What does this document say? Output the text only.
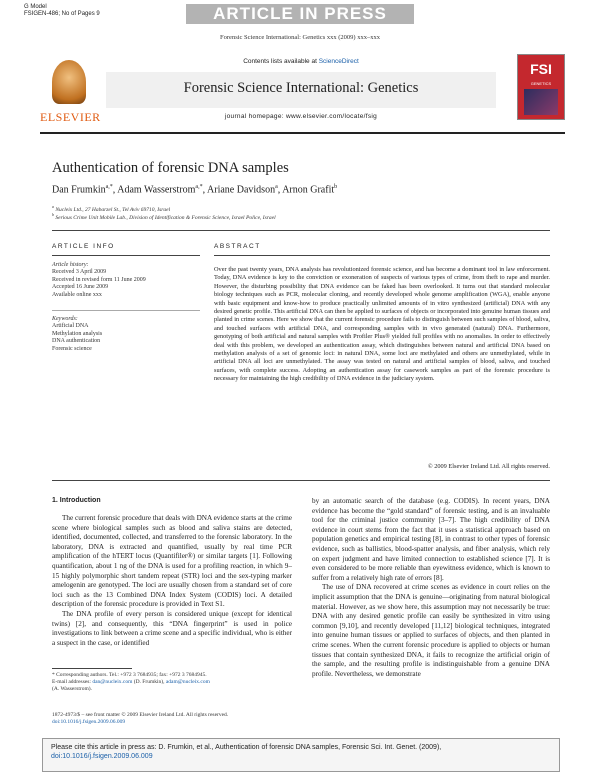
G Model
FSIGEN-486; No of Pages 9	ARTICLE IN PRESS
Forensic Science International: Genetics xxx (2009) xxx–xxx
ELSEVIER
Contents lists available at ScienceDirect
Forensic Science International: Genetics
journal homepage: www.elsevier.com/locate/fsig
FSI
GENETICS
Authentication of forensic DNA samples
Dan Frumkin$^{a,*}$, Adam Wasserstrom$^{a,*}$, Ariane Davidson$^a$, Arnon Grafit$^b$
$^a$ Nucleix Ltd., 27 Habarzel St., Tel Aviv 69710, Israel
$^b$ Serious Crime Unit Mobile Lab., Division of Identification & Forensic Science, Israel Police, Israel
ARTICLE INFO	ABSTRACT
Article history:
Received 3 April 2009
Received in revised form 11 June 2009
Accepted 16 June 2009
Available online xxx
Keywords:
Artificial DNA
Methylation analysis
DNA authentication
Forensic science
Over the past twenty years, DNA analysis has revolutionized forensic science, and has become a dominant tool in law enforcement. Today, DNA evidence is key to the conviction or exoneration of suspects of various types of crime, from theft to rape and murder. However, the disturbing possibility that DNA evidence can be faked has been overlooked. It turns out that standard molecular biology techniques such as PCR, molecular cloning, and recently developed whole genome amplification (WGA), enable anyone with basic equipment and know-how to produce practically unlimited amounts of in vitro synthesized (artificial) DNA with any desired genetic profile. This artificial DNA can then be applied to surfaces of objects or incorporated into genuine human tissues and planted in crime scenes. Here we show that the current forensic procedure fails to distinguish between such samples of blood, saliva, and touched surfaces with artificial DNA, and corresponding samples with in vivo generated (natural) DNA. Furthermore, genotyping of both artificial and natural samples with Profiler Plus® yielded full profiles with no anomalies. In order to effectively deal with this problem, we developed an authentication assay, which distinguishes between natural and artificial DNA based on methylation analysis of a set of genomic loci: in natural DNA, some loci are methylated and others are unmethylated, while in artificial DNA all loci are unmethylated. The assay was tested on natural and artificial samples of blood, saliva, and touched surfaces, with complete success. Adopting an authentication assay for casework samples as part of the forensic procedure is necessary for maintaining the high credibility of DNA evidence in the judiciary system.
© 2009 Elsevier Ireland Ltd. All rights reserved.
1. Introduction

The current forensic procedure that deals with DNA evidence starts at the crime scene where biological samples such as blood and saliva stains are detected, identified, documented, collected, and transferred to the forensic laboratory. In the laboratory, DNA is extracted and quantified, usually by real time PCR amplification of the hTERT locus (Quantifiler®) or similar targets [1]. Following quantification, about 1 ng of the DNA is used for a profiling reaction, in which 9–15 highly polymorphic short tandem repeat (STR) loci and the sex-typing marker amelogenin are genotyped. The loci are usually chosen from a standard set of core loci such as the 13 Combined DNA Index System (CODIS) loci. A detailed description of the forensic procedure is provided in Text S1.

The DNA profile of every person is considered unique (except for identical twins) [2], and consequently, this “DNA fingerprint” is used in police investigations to link between a crime scene and a specific individual, who is either a suspect in the case, or identified

by an automatic search of the database (e.g. CODIS). In recent years, DNA evidence has become the “gold standard” of forensic testing, and is an invaluable tool for the criminal justice community [3–7]. The high credibility of DNA evidence in court stems from the fact that it uses a statistical approach based on population genetics and empirical testing [8], in contrast to other types of forensic evidence, such as ballistics, blood-spatter analysis, and fiber analysis, which rely on expert judgment and have limited connection to established science [7]. It is even considered to be more reliable than eyewitness evidence, which is known to suffer from a relatively high rate of errors [8].

The use of DNA recovered at crime scenes as evidence in court relies on the implicit assumption that the DNA is genuine—originating from natural biological material. However, as we show here, this assumption may not necessarily be true: DNA with any desired genetic profile can easily be synthesized in vitro using common [9,10], and recently developed [11,12] biological techniques, integrated into genuine human tissues or applied to surfaces of objects, and then planted in crime scenes. When the current forensic procedure is applied to objects or human tissues that contain synthesized DNA, it fails to recognize the artificial origin of the sample, and the resulting profile is indistinguishable from a genuine DNA profile. Nevertheless, we demonstrate

* Corresponding authors. Tel.: +972 3 7684935; fax: +972 3 7684945.
E-mail addresses: dan@nucleix.com (D. Frumkin), adam@nucleix.com
(A. Wasserstrom).
1872-4973/$ – see front matter © 2009 Elsevier Ireland Ltd. All rights reserved.
doi:10.1016/j.fsigen.2009.06.009
Please cite this article in press as: D. Frumkin, et al., Authentication of forensic DNA samples, Forensic Sci. Int. Genet. (2009),
doi:10.1016/j.fsigen.2009.06.009
